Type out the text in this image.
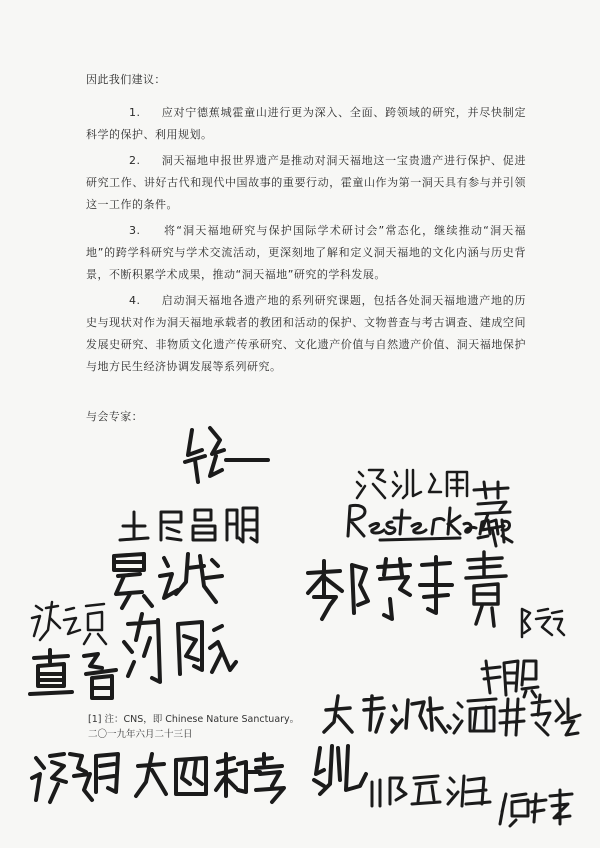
因此我们建议：

1. 应对宁德蕉城霍童山进行更为深入、全面、跨领域的研究，并尽快制定科学的保护、利用规划。

2. 洞天福地申报世界遗产是推动对洞天福地这一宝贵遗产进行保护、促进研究工作、讲好古代和现代中国故事的重要行动，霍童山作为第一洞天具有参与并引领这一工作的条件。

3. 将“洞天福地研究与保护国际学术研讨会”常态化，继续推动“洞天福地”的跨学科研究与学术交流活动，更深刻地了解和定义洞天福地的文化内涵与历史背景，不断积累学术成果，推动“洞天福地”研究的学科发展。

4. 启动洞天福地各遗产地的系列研究课题，包括各处洞天福地遗产地的历史与现状对作为洞天福地承载者的教团和活动的保护、文物普查与考古调查、建成空间发展史研究、非物质文化遗产传承研究、文化遗产价值与自然遗产价值、洞天福地保护与地方民生经济协调发展等系列研究。

与会专家：
[1] 注：CNS，即 Chinese Nature Sanctuary。
二〇一九年六月二十三日
